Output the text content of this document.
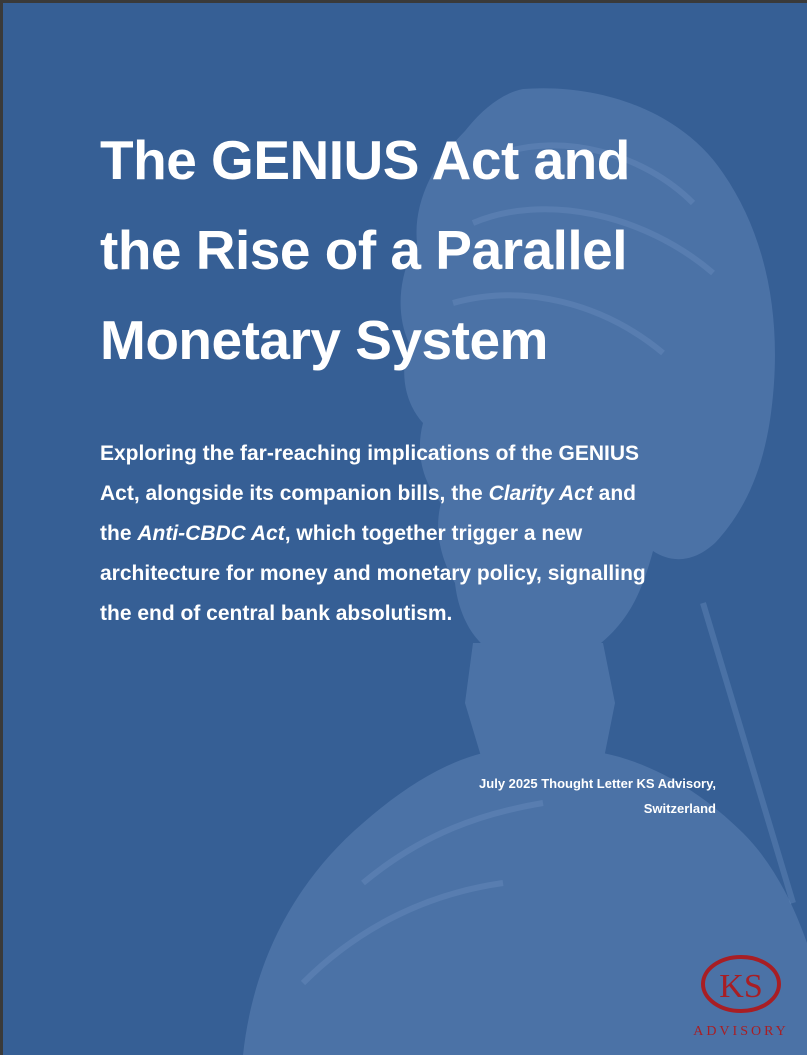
The GENIUS Act and
the Rise of a Parallel
Monetary System

Exploring the far-reaching implications of the GENIUS
Act, alongside its companion bills, the Clarity Act and
the Anti-CBDC Act, which together trigger a new
architecture for money and monetary policy, signalling
the end of central bank absolutism.

July 2025 Thought Letter KS Advisory,
Switzerland

KS
ADVISORY
